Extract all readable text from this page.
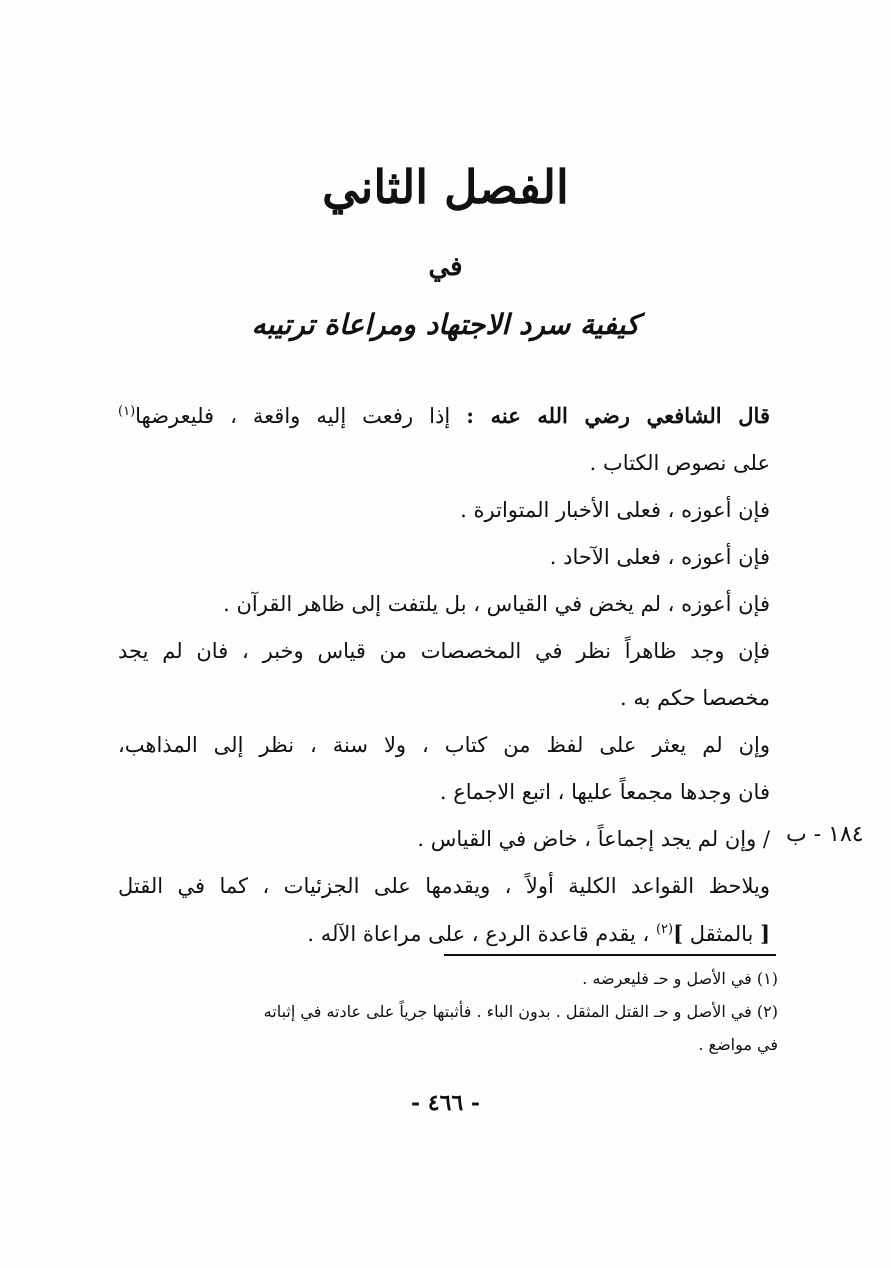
الفصل الثاني
في
كيفية سرد الاجتهاد ومراعاة ترتيبه

قال الشافعي رضي الله عنه : إذا رفعت إليه واقعة ، فليعرضها$^{(١)}$

على نصوص الكتاب .

فإن أعوزه ، فعلى الأخبار المتواترة .

فإن أعوزه ، فعلى الآحاد .

فإن أعوزه ، لم يخض في القياس ، بل يلتفت إلى ظاهر القرآن .

فإن وجد ظاهراً نظر في المخصصات من قياس وخبر ، فان لم يجد

مخصصا حكم به .

وإن لم يعثر على لفظ من كتاب ، ولا سنة ، نظر إلى المذاهب،

فان وجدها مجمعاً عليها ، اتبع الاجماع .

/ وإن لم يجد إجماعاً ، خاض في القياس .

ويلاحظ القواعد الكلية أولاً ، ويقدمها على الجزئيات ، كما في القتل

[ بالمثقل ]$^{(٢)}$ ، يقدم قاعدة الردع ، على مراعاة الآله .

١٨٤ - ب

(١) في الأصل و حـ فليعرضه .

(٢) في الأصل و حـ القتل المثقل . بدون الباء . فأثبتها جرياً على عادته في إثباته

في مواضع .

- ٤٦٦ -
